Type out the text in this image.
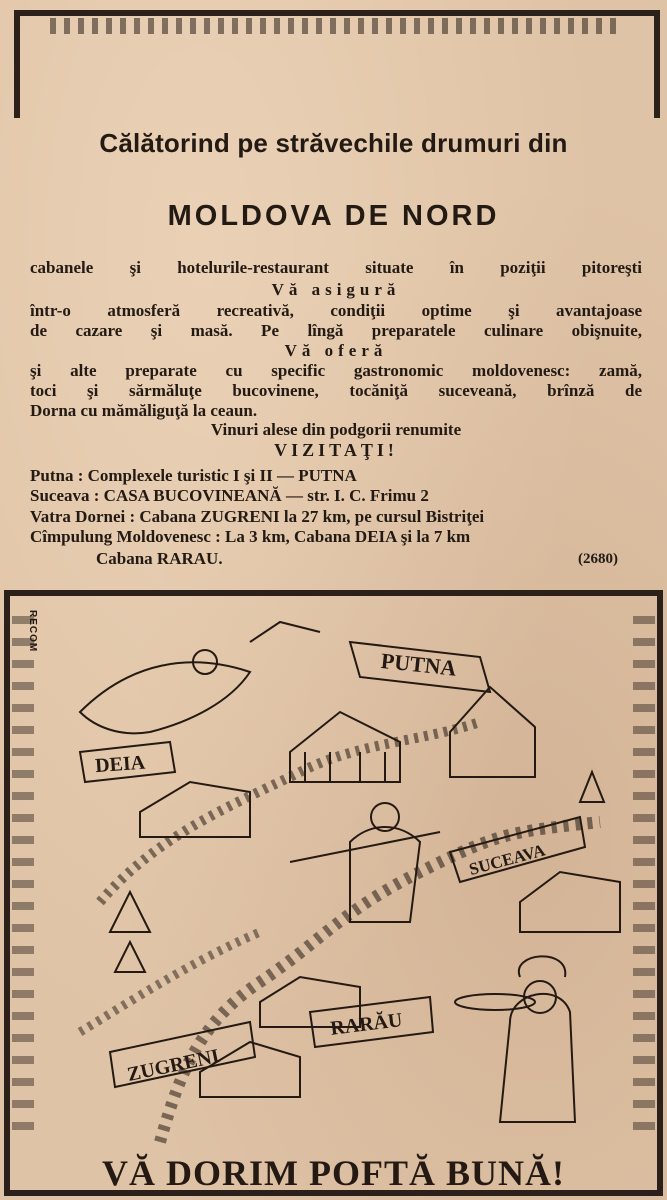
Călătorind pe străvechile drumuri din
MOLDOVA DE NORD
cabanele şi hotelurile-restaurant situate în poziţii pitoreşti
Vă asigură
într-o atmosferă recreativă, condiţii optime şi avantajoase
de cazare şi masă. Pe lîngă preparatele culinare obişnuite,
Vă oferă
şi alte preparate cu specific gastronomic moldovenesc: zamă,
toci şi sărmăluţe bucovinene, tocăniţă suceveană, brînză de
Dorna cu mămăliguţă la ceaun.
Vinuri alese din podgorii renumite
VIZITAŢI!
Putna : Complexele turistic I şi II — PUTNA
Suceava : CASA BUCOVINEANĂ — str. I. C. Frimu 2
Vatra Dornei : Cabana ZUGRENI la 27 km, pe cursul Bistriţei
Cîmpulung Moldovenesc : La 3 km, Cabana DEIA şi la 7 km
Cabana RARAU.	(2680)
RECOM
PUTNA
DEIA
SUCEAVA
ZUGRENI
RARĂU
VĂ DORIM POFTĂ BUNĂ!
